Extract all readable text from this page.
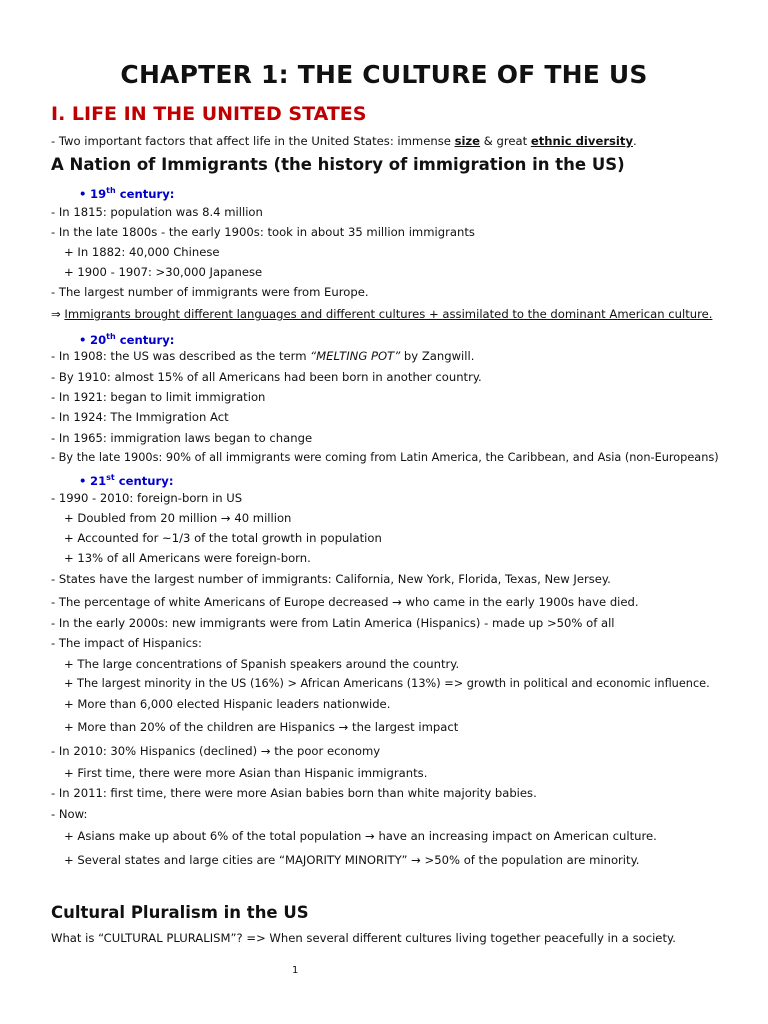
CHAPTER 1: THE CULTURE OF THE US
I. LIFE IN THE UNITED STATES
- Two important factors that affect life in the United States: immense size & great ethnic diversity.
A Nation of Immigrants (the history of immigration in the US)
• 19th century:
- In 1815: population was 8.4 million
- In the late 1800s - the early 1900s: took in about 35 million immigrants
+ In 1882: 40,000 Chinese
+ 1900 - 1907: >30,000 Japanese
- The largest number of immigrants were from Europe.
⇒ Immigrants brought different languages and different cultures + assimilated to the dominant American culture.
• 20th century:
- In 1908: the US was described as the term “MELTING POT” by Zangwill.
- By 1910: almost 15% of all Americans had been born in another country.
- In 1921: began to limit immigration
- In 1924: The Immigration Act
- In 1965: immigration laws began to change
- By the late 1900s: 90% of all immigrants were coming from Latin America, the Caribbean, and Asia (non-Europeans)
• 21st century:
- 1990 - 2010: foreign-born in US
+ Doubled from 20 million → 40 million
+ Accounted for ~1/3 of the total growth in population
+ 13% of all Americans were foreign-born.
- States have the largest number of immigrants: California, New York, Florida, Texas, New Jersey.
- The percentage of white Americans of Europe decreased → who came in the early 1900s have died.
- In the early 2000s: new immigrants were from Latin America (Hispanics) - made up >50% of all
- The impact of Hispanics:
+ The large concentrations of Spanish speakers around the country.
+ The largest minority in the US (16%) > African Americans (13%) => growth in political and economic influence.
+ More than 6,000 elected Hispanic leaders nationwide.
+ More than 20% of the children are Hispanics → the largest impact
- In 2010: 30% Hispanics (declined) → the poor economy
+ First time, there were more Asian than Hispanic immigrants.
- In 2011: first time, there were more Asian babies born than white majority babies.
- Now:
+ Asians make up about 6% of the total population → have an increasing impact on American culture.
+ Several states and large cities are “MAJORITY MINORITY” → >50% of the population are minority.
Cultural Pluralism in the US
What is “CULTURAL PLURALISM”? => When several different cultures living together peacefully in a society.
1
